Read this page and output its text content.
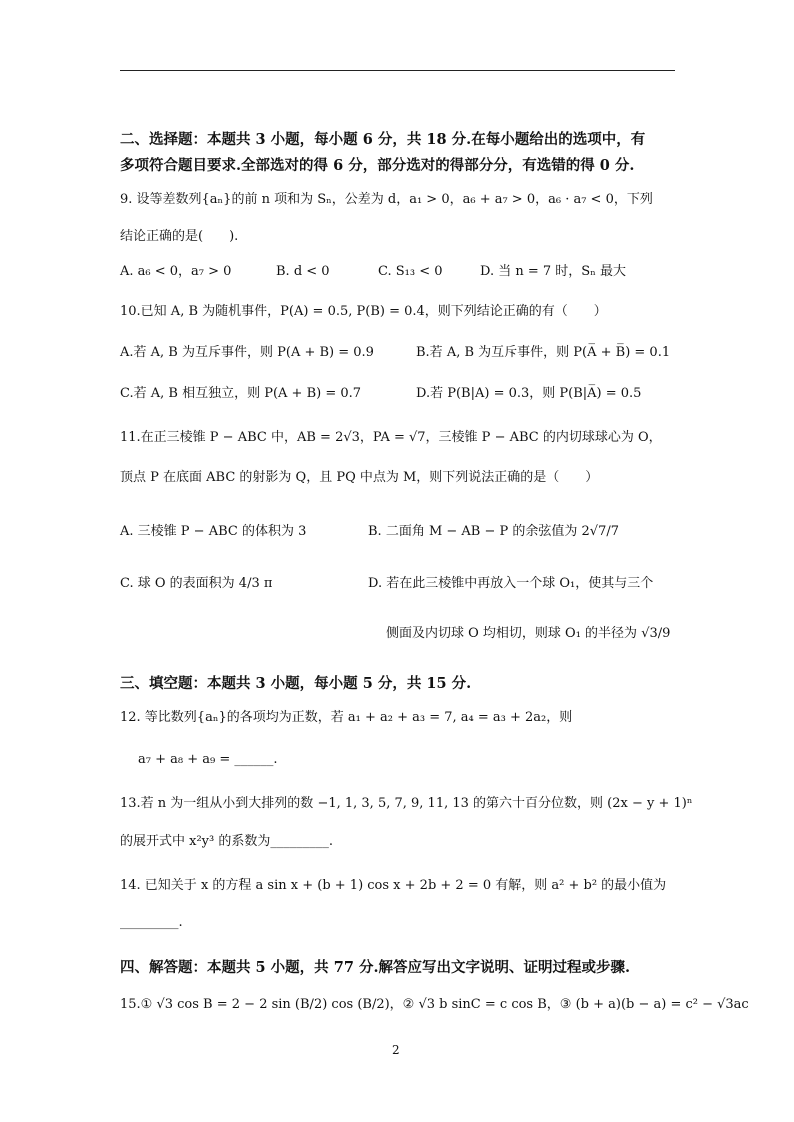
二、选择题：本题共 3 小题，每小题 6 分，共 18 分.在每小题给出的选项中，有
多项符合题目要求.全部选对的得 6 分，部分选对的得部分分，有选错的得 0 分.
9. 设等差数列{aₙ}的前 n 项和为 Sₙ，公差为 d，a₁ > 0，a₆ + a₇ > 0，a₆ · a₇ < 0，下列
结论正确的是(　　).
A. a₆ < 0，a₇ > 0	B. d < 0	C. S₁₃ < 0	D. 当 n = 7 时，Sₙ 最大
10.已知 A, B 为随机事件，P(A) = 0.5, P(B) = 0.4，则下列结论正确的有（　　）
A.若 A, B 为互斥事件，则 P(A + B) = 0.9	B.若 A, B 为互斥事件，则 P(A̅ + B̅) = 0.1
C.若 A, B 相互独立，则 P(A + B) = 0.7	D.若 P(B|A) = 0.3，则 P(B|A̅) = 0.5
11.在正三棱锥 P − ABC 中，AB = 2√3，PA = √7，三棱锥 P − ABC 的内切球球心为 O，
顶点 P 在底面 ABC 的射影为 Q，且 PQ 中点为 M，则下列说法正确的是（　　）
A. 三棱锥 P − ABC 的体积为 3	B. 二面角 M − AB − P 的余弦值为 2√7/7
C. 球 O 的表面积为 4/3 π	D. 若在此三棱锥中再放入一个球 O₁，使其与三个
侧面及内切球 O 均相切，则球 O₁ 的半径为 √3/9
三、填空题：本题共 3 小题，每小题 5 分，共 15 分.
12. 等比数列{aₙ}的各项均为正数，若 a₁ + a₂ + a₃ = 7, a₄ = a₃ + 2a₂，则
a₇ + a₈ + a₉ = ______.
13.若 n 为一组从小到大排列的数 −1, 1, 3, 5, 7, 9, 11, 13 的第六十百分位数，则 (2x − y + 1)ⁿ
的展开式中 x²y³ 的系数为_________.
14. 已知关于 x 的方程 a sin x + (b + 1) cos x + 2b + 2 = 0 有解，则 a² + b² 的最小值为
_________.
四、解答题：本题共 5 小题，共 77 分.解答应写出文字说明、证明过程或步骤.
15.① √3 cos B = 2 − 2 sin (B/2) cos (B/2)，② √3 b sinC = c cos B，③ (b + a)(b − a) = c² − √3ac
2
